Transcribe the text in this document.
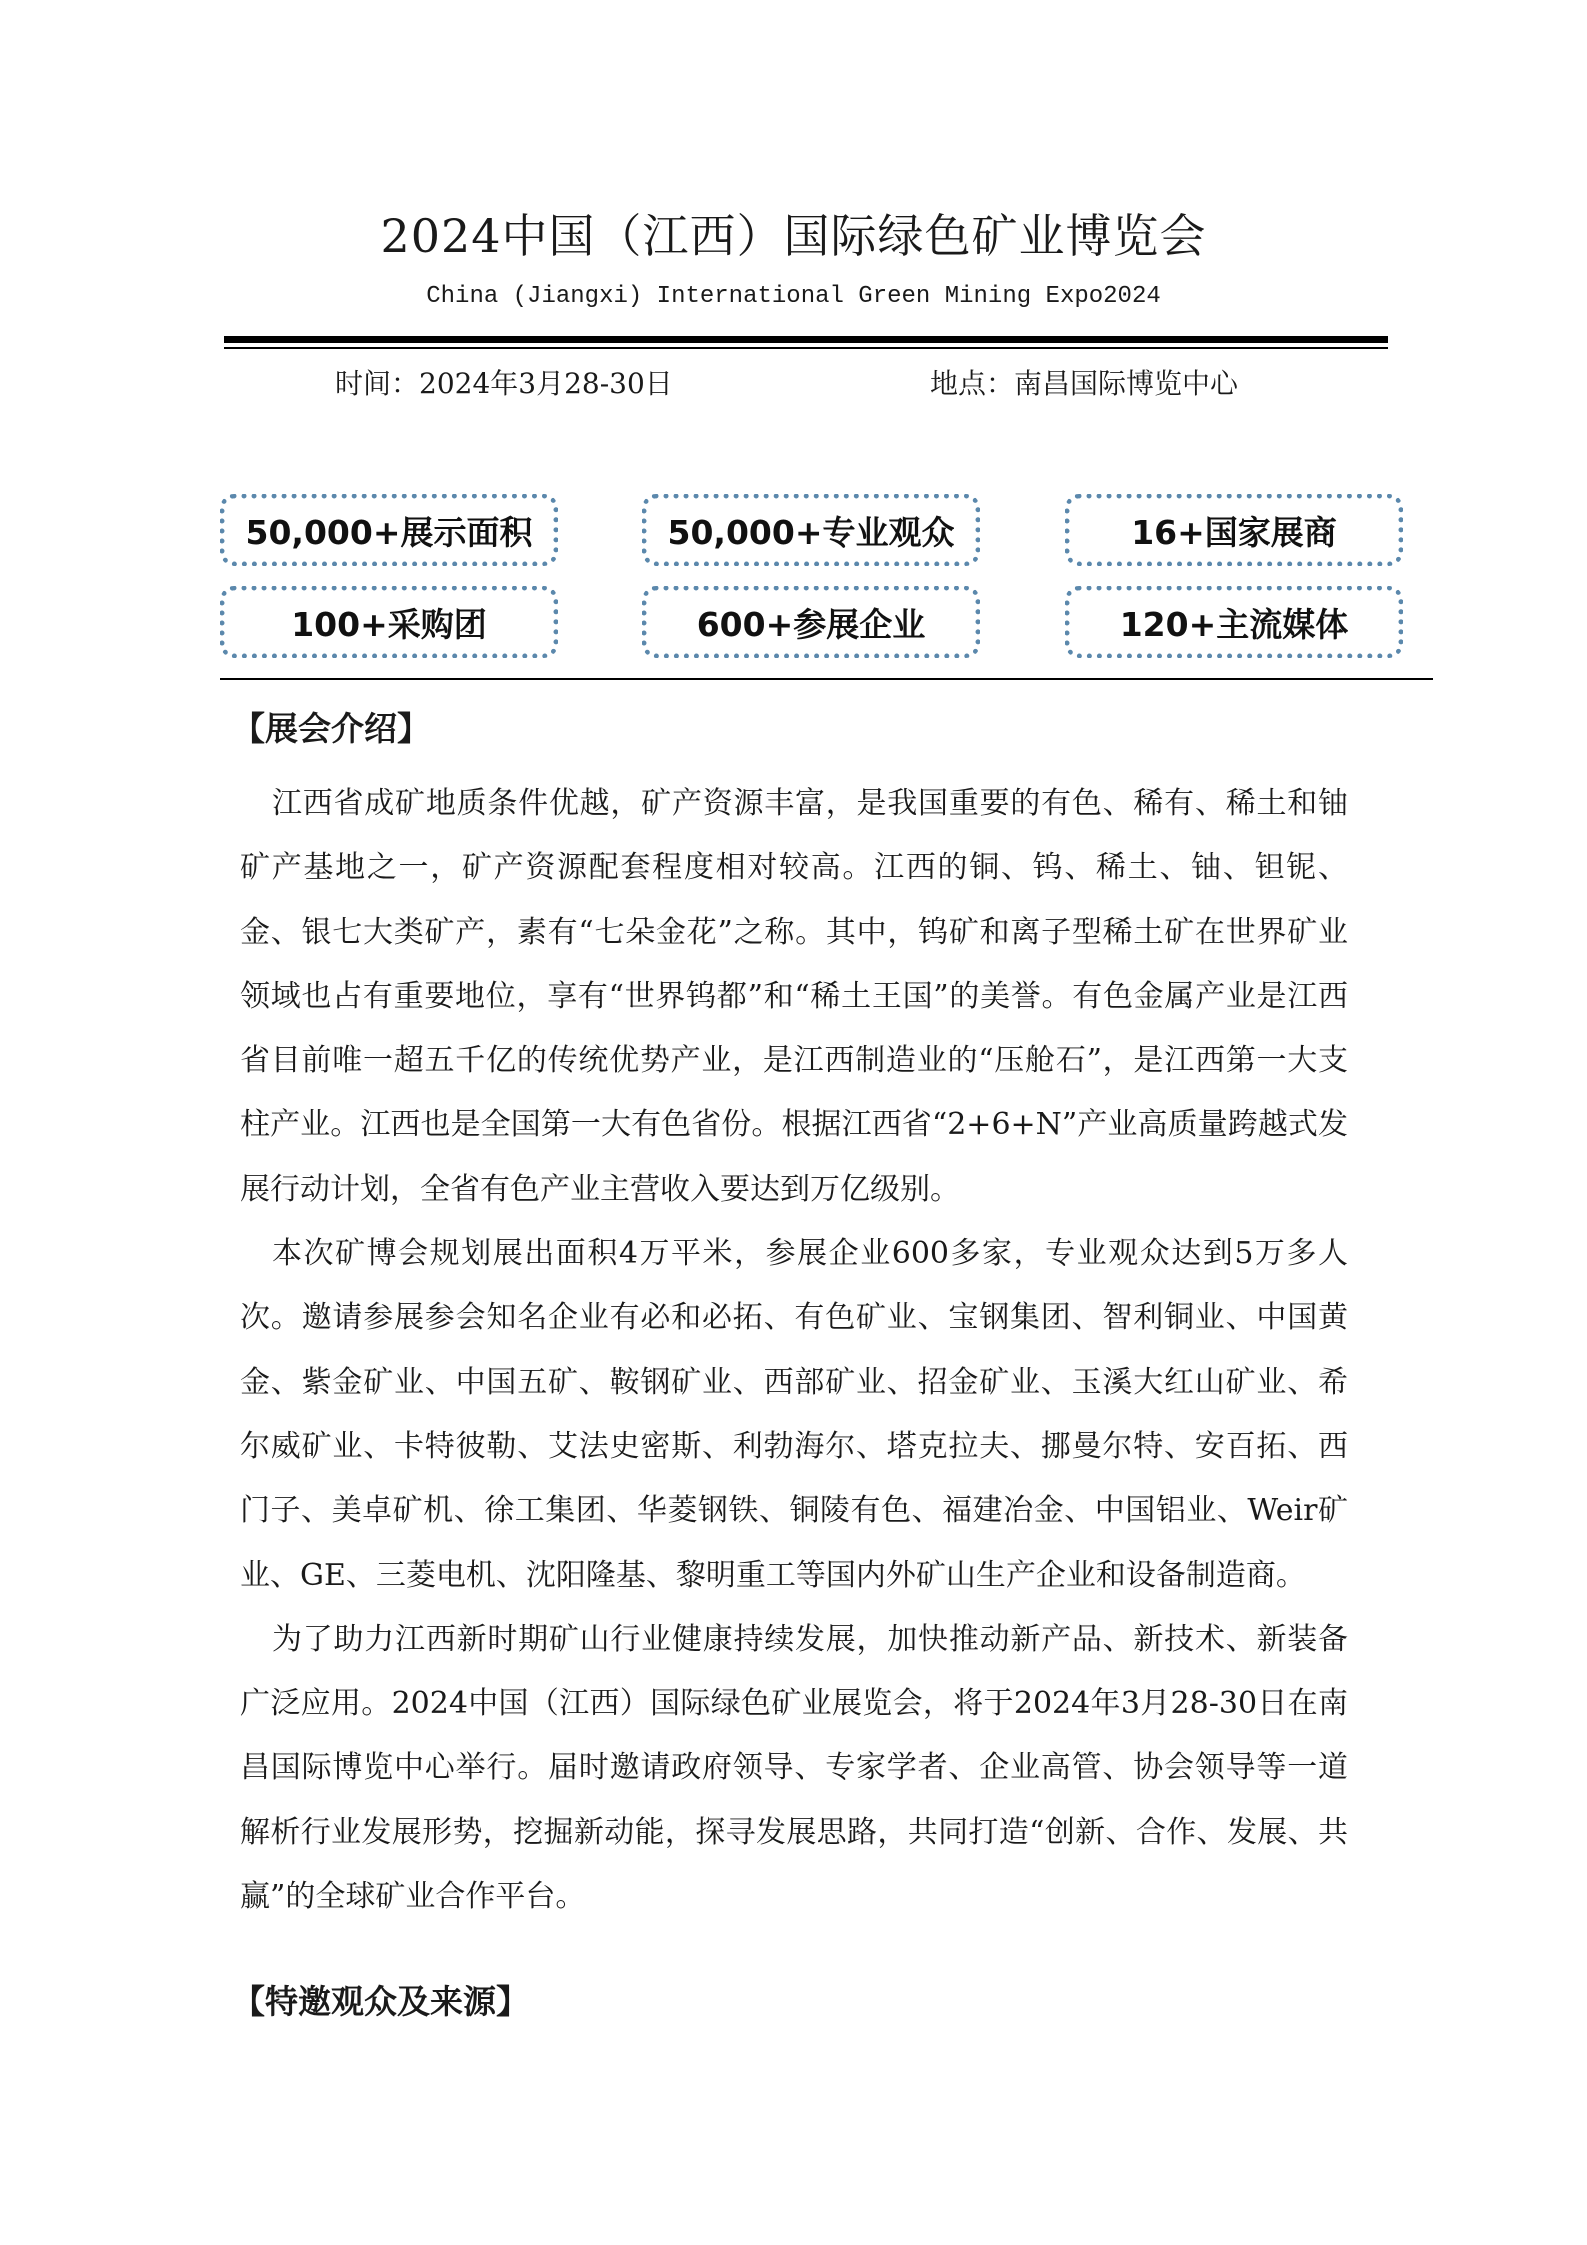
2024中国（江西）国际绿色矿业博览会
China (Jiangxi) International Green Mining Expo2024
时间：2024年3月28-30日	地点：南昌国际博览中心
50,000+展示面积	50,000+专业观众	16+国家展商
100+采购团	600+参展企业	120+主流媒体
【展会介绍】

江西省成矿地质条件优越，矿产资源丰富，是我国重要的有色、稀有、稀土和铀矿产基地之一，矿产资源配套程度相对较高。江西的铜、钨、稀土、铀、钽铌、金、银七大类矿产，素有“七朵金花”之称。其中，钨矿和离子型稀土矿在世界矿业领域也占有重要地位，享有“世界钨都”和“稀土王国”的美誉。有色金属产业是江西省目前唯一超五千亿的传统优势产业，是江西制造业的“压舱石”，是江西第一大支柱产业。江西也是全国第一大有色省份。根据江西省“2+6+N”产业高质量跨越式发展行动计划，全省有色产业主营收入要达到万亿级别。

本次矿博会规划展出面积4万平米，参展企业600多家，专业观众达到5万多人次。邀请参展参会知名企业有必和必拓、有色矿业、宝钢集团、智利铜业、中国黄金、紫金矿业、中国五矿、鞍钢矿业、西部矿业、招金矿业、玉溪大红山矿业、希尔威矿业、卡特彼勒、艾法史密斯、利勃海尔、塔克拉夫、挪曼尔特、安百拓、西门子、美卓矿机、徐工集团、华菱钢铁、铜陵有色、福建冶金、中国铝业、Weir矿业、GE、三菱电机、沈阳隆基、黎明重工等国内外矿山生产企业和设备制造商。

为了助力江西新时期矿山行业健康持续发展，加快推动新产品、新技术、新装备广泛应用。2024中国（江西）国际绿色矿业展览会，将于2024年3月28-30日在南昌国际博览中心举行。届时邀请政府领导、专家学者、企业高管、协会领导等一道解析行业发展形势，挖掘新动能，探寻发展思路，共同打造“创新、合作、发展、共赢”的全球矿业合作平台。

【特邀观众及来源】
